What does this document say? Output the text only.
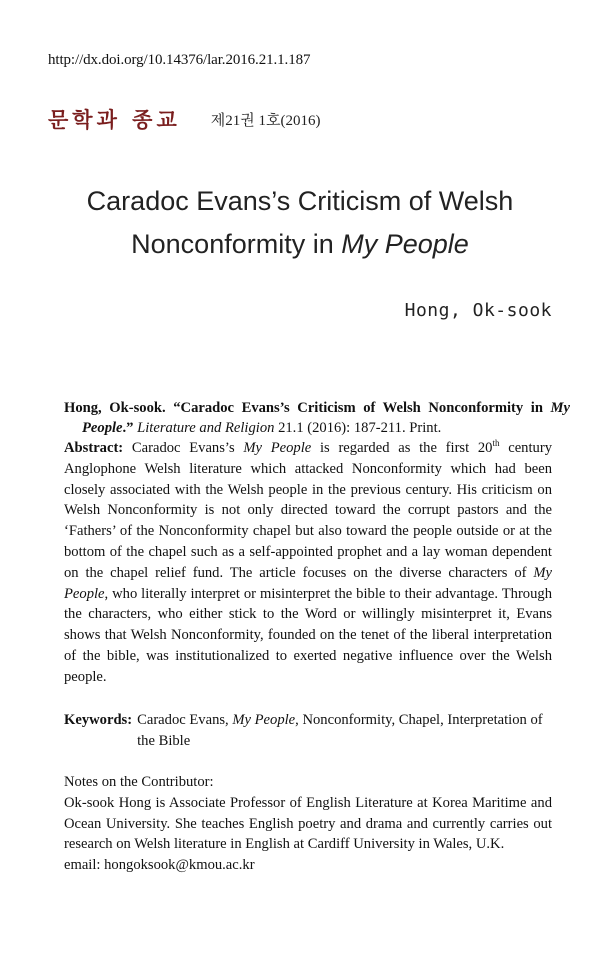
http://dx.doi.org/10.14376/lar.2016.21.1.187
문학과 종교 제21권 1호(2016)
Caradoc Evans’s Criticism of Welsh
Nonconformity in My People
Hong, Ok-sook
Hong, Ok-sook. “Caradoc Evans’s Criticism of Welsh Nonconformity in My People.” Literature and Religion 21.1 (2016): 187-211. Print.
Abstract: Caradoc Evans’s My People is regarded as the first 20th century Anglophone Welsh literature which attacked Nonconformity which had been closely associated with the Welsh people in the previous century. His criticism on Welsh Nonconformity is not only directed toward the corrupt pastors and the ‘Fathers’ of the Nonconformity chapel but also toward the people outside or at the bottom of the chapel such as a self-appointed prophet and a lay woman dependent on the chapel relief fund. The article focuses on the diverse characters of My People, who literally interpret or misinterpret the bible to their advantage. Through the characters, who either stick to the Word or willingly misinterpret it, Evans shows that Welsh Nonconformity, founded on the tenet of the liberal interpretation of the bible, was institutionalized to exerted negative influence over the Welsh people.
Keywords: Caradoc Evans, My People, Nonconformity, Chapel, Interpretation of the Bible
Notes on the Contributor:
Ok-sook Hong is Associate Professor of English Literature at Korea Maritime and Ocean University. She teaches English poetry and drama and currently carries out research on Welsh literature in English at Cardiff University in Wales, U.K.
email: hongoksook@kmou.ac.kr
